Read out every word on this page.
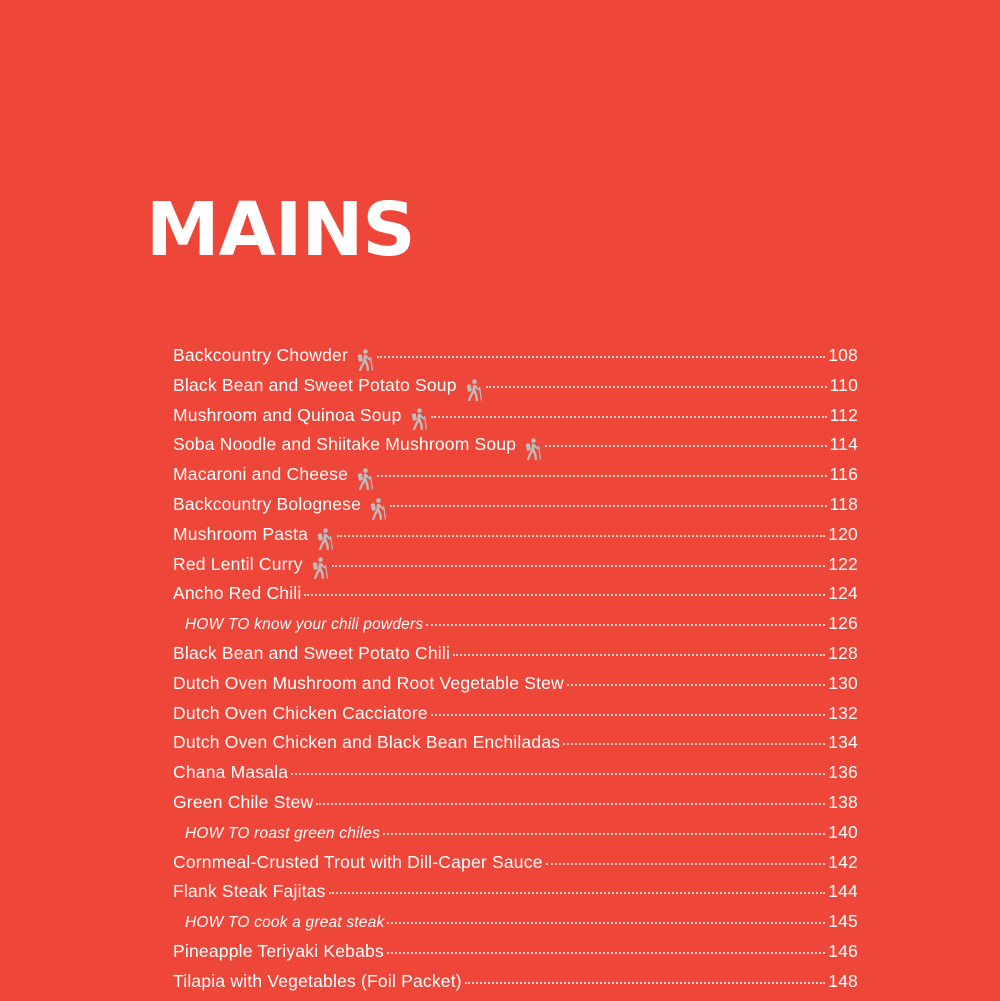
MAINS
Backcountry Chowder	108
Black Bean and Sweet Potato Soup	110
Mushroom and Quinoa Soup	112
Soba Noodle and Shiitake Mushroom Soup	114
Macaroni and Cheese	116
Backcountry Bolognese	118
Mushroom Pasta	120
Red Lentil Curry	122
Ancho Red Chili	124
HOW TO know your chili powders	126
Black Bean and Sweet Potato Chili	128
Dutch Oven Mushroom and Root Vegetable Stew	130
Dutch Oven Chicken Cacciatore	132
Dutch Oven Chicken and Black Bean Enchiladas	134
Chana Masala	136
Green Chile Stew	138
HOW TO roast green chiles	140
Cornmeal-Crusted Trout with Dill-Caper Sauce	142
Flank Steak Fajitas	144
HOW TO cook a great steak	145
Pineapple Teriyaki Kebabs	146
Tilapia with Vegetables (Foil Packet)	148
